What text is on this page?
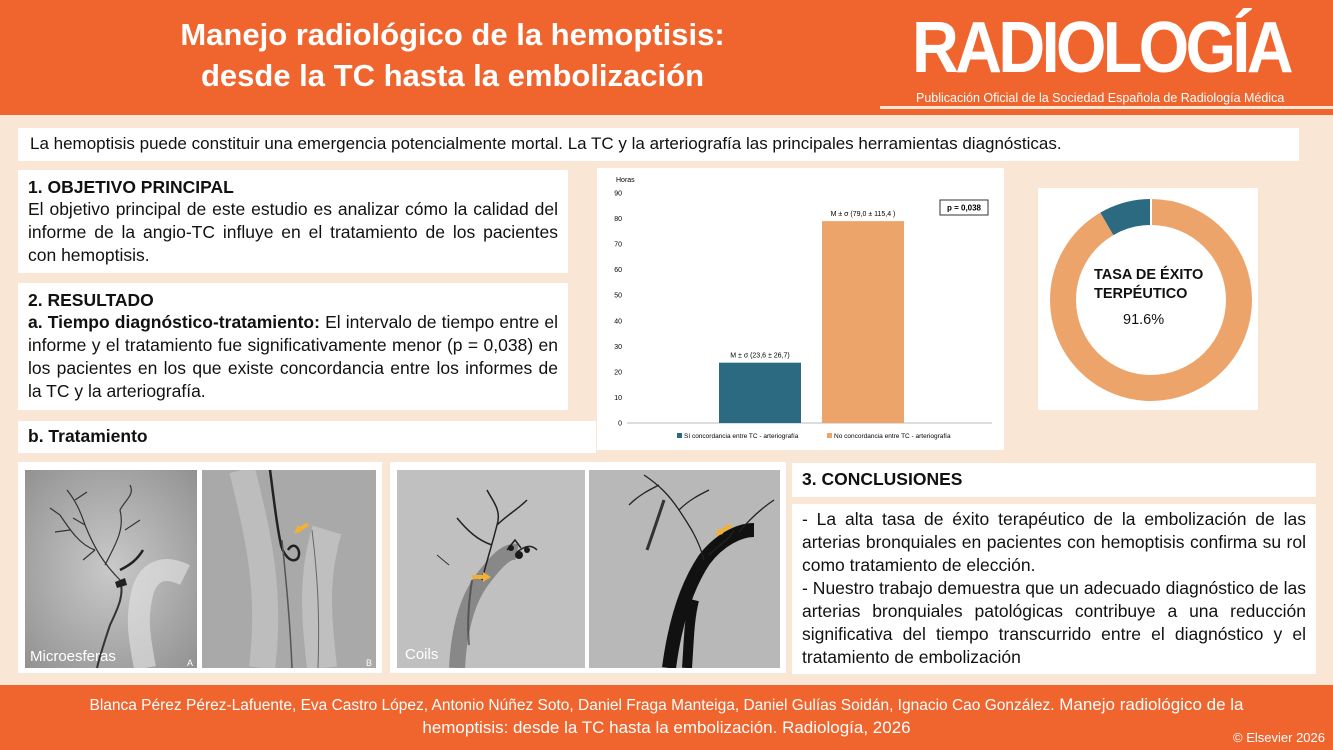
Manejo radiológico de la hemoptisis:
desde la TC hasta la embolización	RADIOLOGÍA
Publicación Oficial de la Sociedad Española de Radiología Médica
La hemoptisis puede constituir una emergencia potencialmente mortal. La TC y la arteriografía las principales herramientas diagnósticas.
1. OBJETIVO PRINCIPAL
El objetivo principal de este estudio es analizar cómo la calidad del informe de la angio-TC influye en el tratamiento de los pacientes con hemoptisis.
2. RESULTADO
a. Tiempo diagnóstico-tratamiento: El intervalo de tiempo entre el informe y el tratamiento fue significativamente menor (p = 0,038) en los pacientes en los que existe concordancia entre los informes de la TC y la arteriografía.
b. Tratamiento
Horas
0
10
20
30
40
50
60
70
80
90
M ± σ (23,6 ± 26,7)
M ± σ (79,0 ± 115,4 )
p = 0,038
Sí concordancia entre TC - arteriografía	No concordancia entre TC - arteriografía
TASA DE ÉXITO
TERPÉUTICO
91.6%
Microesferas	A	B Coils
3. CONCLUSIONES

- La alta tasa de éxito terapéutico de la embolización de las arterias bronquiales en pacientes con hemoptisis confirma su rol como tratamiento de elección.

- Nuestro trabajo demuestra que un adecuado diagnóstico de las arterias bronquiales patológicas contribuye a una reducción significativa del tiempo transcurrido entre el diagnóstico y el tratamiento de embolización

Blanca Pérez Pérez-Lafuente, Eva Castro López, Antonio Núñez Soto, Daniel Fraga Manteiga, Daniel Gulías Soidán, Ignacio Cao González. Manejo radiológico de la
hemoptisis: desde la TC hasta la embolización. Radiología, 2026
© Elsevier 2026
